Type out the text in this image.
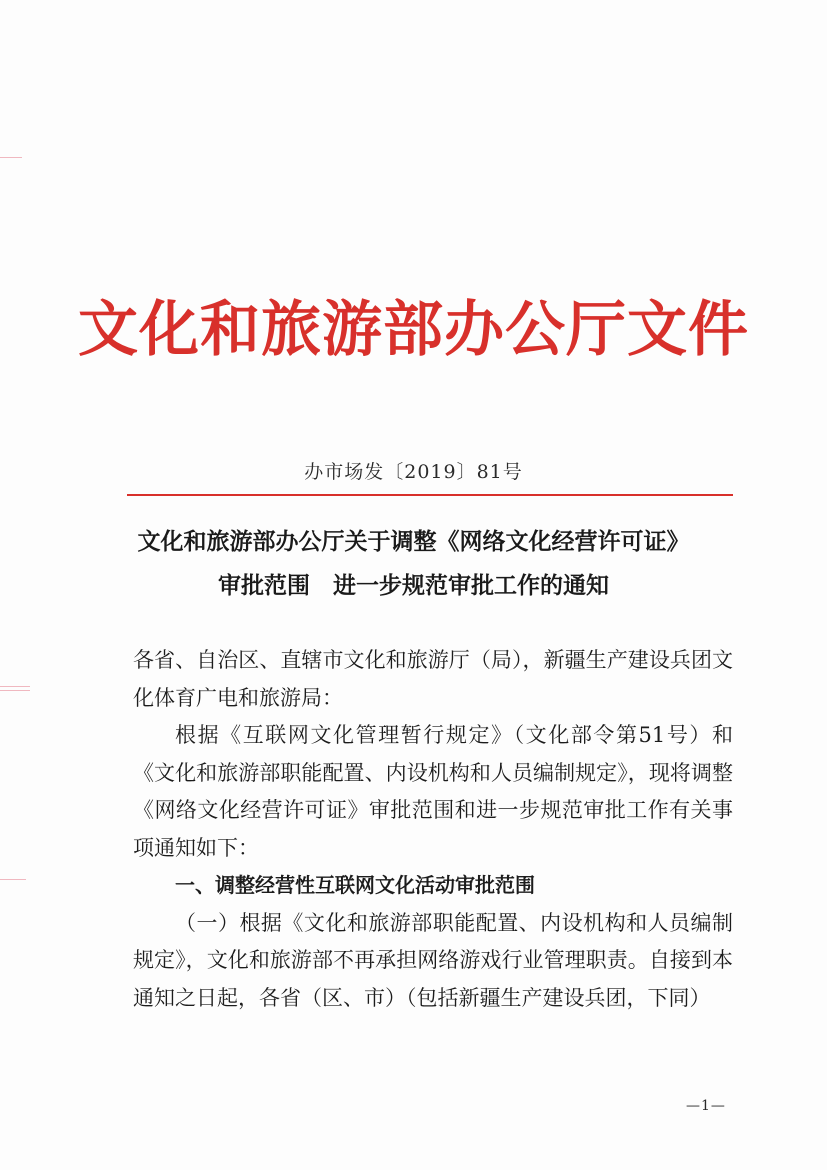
文化和旅游部办公厅文件
办市场发〔2019〕81号
文化和旅游部办公厅关于调整《网络文化经营许可证》
审批范围　进一步规范审批工作的通知

各省、自治区、直辖市文化和旅游厅（局），新疆生产建设兵团文化体育广电和旅游局：

根据《互联网文化管理暂行规定》（文化部令第51号）和《文化和旅游部职能配置、内设机构和人员编制规定》，现将调整《网络文化经营许可证》审批范围和进一步规范审批工作有关事项通知如下：

一、调整经营性互联网文化活动审批范围

（一）根据《文化和旅游部职能配置、内设机构和人员编制规定》，文化和旅游部不再承担网络游戏行业管理职责。自接到本通知之日起，各省（区、市）（包括新疆生产建设兵团，下同）

—1—
